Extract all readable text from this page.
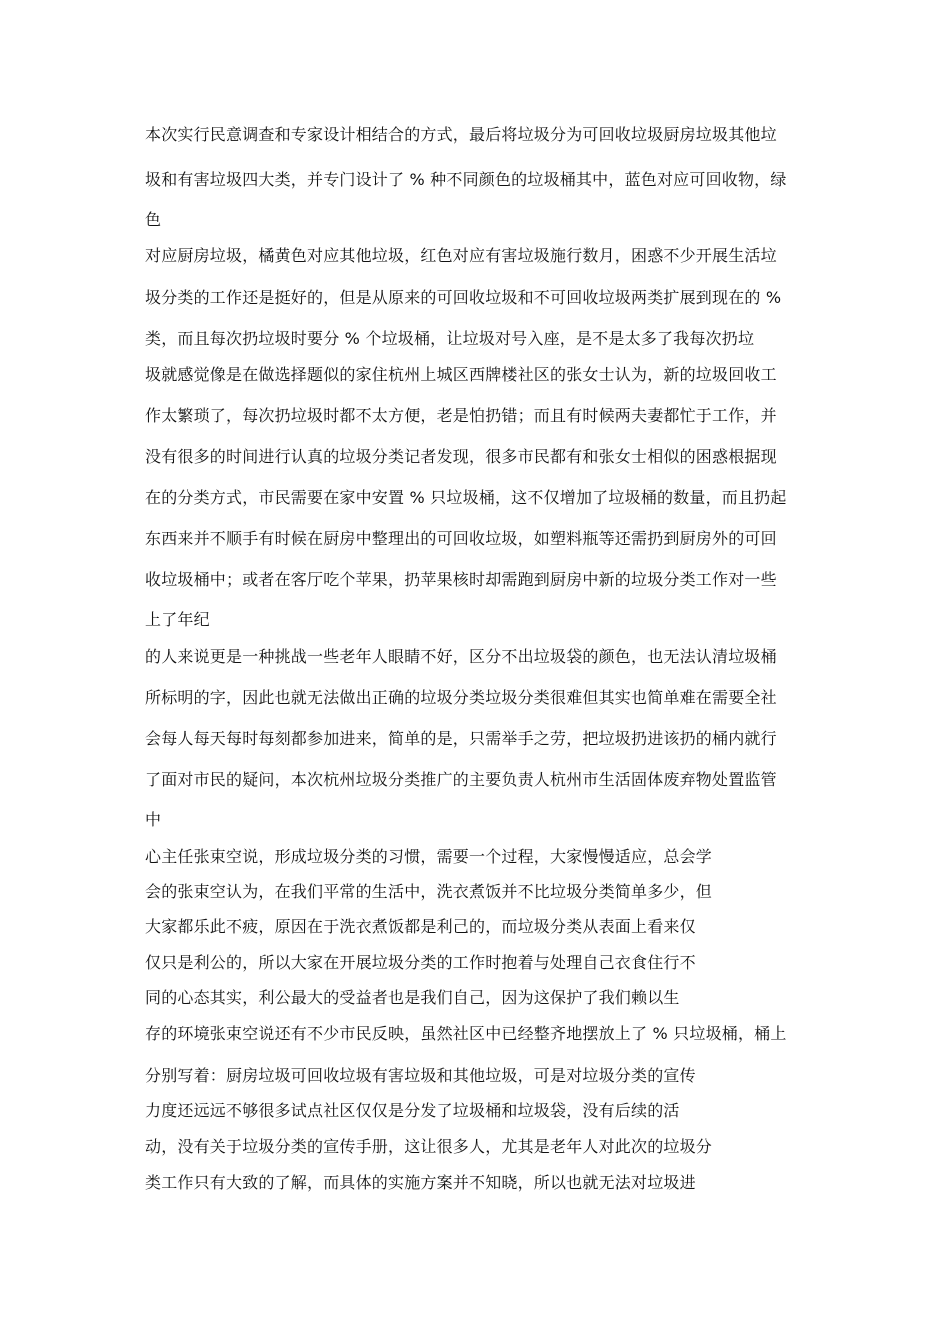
本次实行民意调查和专家设计相结合的方式，最后将垃圾分为可回收垃圾厨房垃圾其他垃
圾和有害垃圾四大类，并专门设计了 % 种不同颜色的垃圾桶其中，蓝色对应可回收物，绿
色
对应厨房垃圾，橘黄色对应其他垃圾，红色对应有害垃圾施行数月，困惑不少开展生活垃
圾分类的工作还是挺好的，但是从原来的可回收垃圾和不可回收垃圾两类扩展到现在的 %
类，而且每次扔垃圾时要分 % 个垃圾桶，让垃圾对号入座，是不是太多了我每次扔垃
圾就感觉像是在做选择题似的家住杭州上城区西牌楼社区的张女士认为，新的垃圾回收工
作太繁琐了，每次扔垃圾时都不太方便，老是怕扔错；而且有时候两夫妻都忙于工作，并
没有很多的时间进行认真的垃圾分类记者发现，很多市民都有和张女士相似的困惑根据现
在的分类方式，市民需要在家中安置 % 只垃圾桶，这不仅增加了垃圾桶的数量，而且扔起
东西来并不顺手有时候在厨房中整理出的可回收垃圾，如塑料瓶等还需扔到厨房外的可回
收垃圾桶中；或者在客厅吃个苹果，扔苹果核时却需跑到厨房中新的垃圾分类工作对一些
上了年纪
的人来说更是一种挑战一些老年人眼睛不好，区分不出垃圾袋的颜色，也无法认清垃圾桶
所标明的字，因此也就无法做出正确的垃圾分类垃圾分类很难但其实也简单难在需要全社
会每人每天每时每刻都参加进来，简单的是，只需举手之劳，把垃圾扔进该扔的桶内就行
了面对市民的疑问，本次杭州垃圾分类推广的主要负责人杭州市生活固体废弃物处置监管
中
心主任张束空说，形成垃圾分类的习惯，需要一个过程，大家慢慢适应，总会学
会的张束空认为，在我们平常的生活中，洗衣煮饭并不比垃圾分类简单多少，但
大家都乐此不疲，原因在于洗衣煮饭都是利己的，而垃圾分类从表面上看来仅
仅只是利公的，所以大家在开展垃圾分类的工作时抱着与处理自己衣食住行不
同的心态其实，利公最大的受益者也是我们自己，因为这保护了我们赖以生
存的环境张束空说还有不少市民反映，虽然社区中已经整齐地摆放上了 % 只垃圾桶，桶上
分别写着：厨房垃圾可回收垃圾有害垃圾和其他垃圾，可是对垃圾分类的宣传
力度还远远不够很多试点社区仅仅是分发了垃圾桶和垃圾袋，没有后续的活
动，没有关于垃圾分类的宣传手册，这让很多人，尤其是老年人对此次的垃圾分
类工作只有大致的了解，而具体的实施方案并不知晓，所以也就无法对垃圾进
